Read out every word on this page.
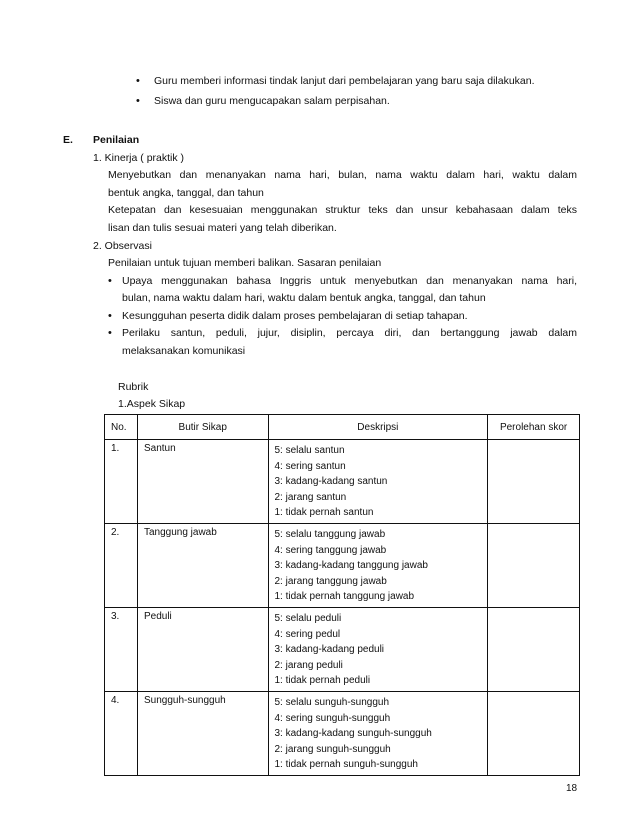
• Guru memberi informasi tindak lanjut dari pembelajaran yang baru saja dilakukan.
• Siswa dan guru mengucapakan salam perpisahan.
E. Penilaian
1. Kinerja ( praktik )
Menyebutkan dan menanyakan nama hari, bulan, nama waktu dalam hari, waktu dalam
bentuk angka, tanggal, dan tahun
Ketepatan dan kesesuaian menggunakan struktur teks dan unsur kebahasaan dalam teks
lisan dan tulis sesuai materi yang telah diberikan.
2. Observasi
Penilaian untuk tujuan memberi balikan. Sasaran penilaian
• Upaya menggunakan bahasa Inggris untuk menyebutkan dan menanyakan nama hari,
bulan, nama waktu dalam hari, waktu dalam bentuk angka, tanggal, dan tahun
• Kesungguhan peserta didik dalam proses pembelajaran di setiap tahapan.
• Perilaku santun, peduli, jujur, disiplin, percaya diri, dan bertanggung jawab dalam
melaksanakan komunikasi
Rubrik
1.Aspek Sikap
No.	Butir Sikap	Deskripsi	Perolehan skor
1.	Santun	5: selalu santun
4: sering santun
3: kadang-kadang santun
2: jarang santun
1: tidak pernah santun	

2.	Tanggung jawab	5: selalu tanggung jawab
4: sering tanggung jawab
3: kadang-kadang tanggung jawab
2: jarang tanggung jawab
1: tidak pernah tanggung jawab	

3.	Peduli	5: selalu peduli
4: sering pedul
3: kadang-kadang peduli
2: jarang peduli
1: tidak pernah peduli	

4.	Sungguh-sungguh	5: selalu sunguh-sungguh
4: sering sunguh-sungguh
3: kadang-kadang sunguh-sungguh
2: jarang sunguh-sungguh
1: tidak pernah sunguh-sungguh	

18
